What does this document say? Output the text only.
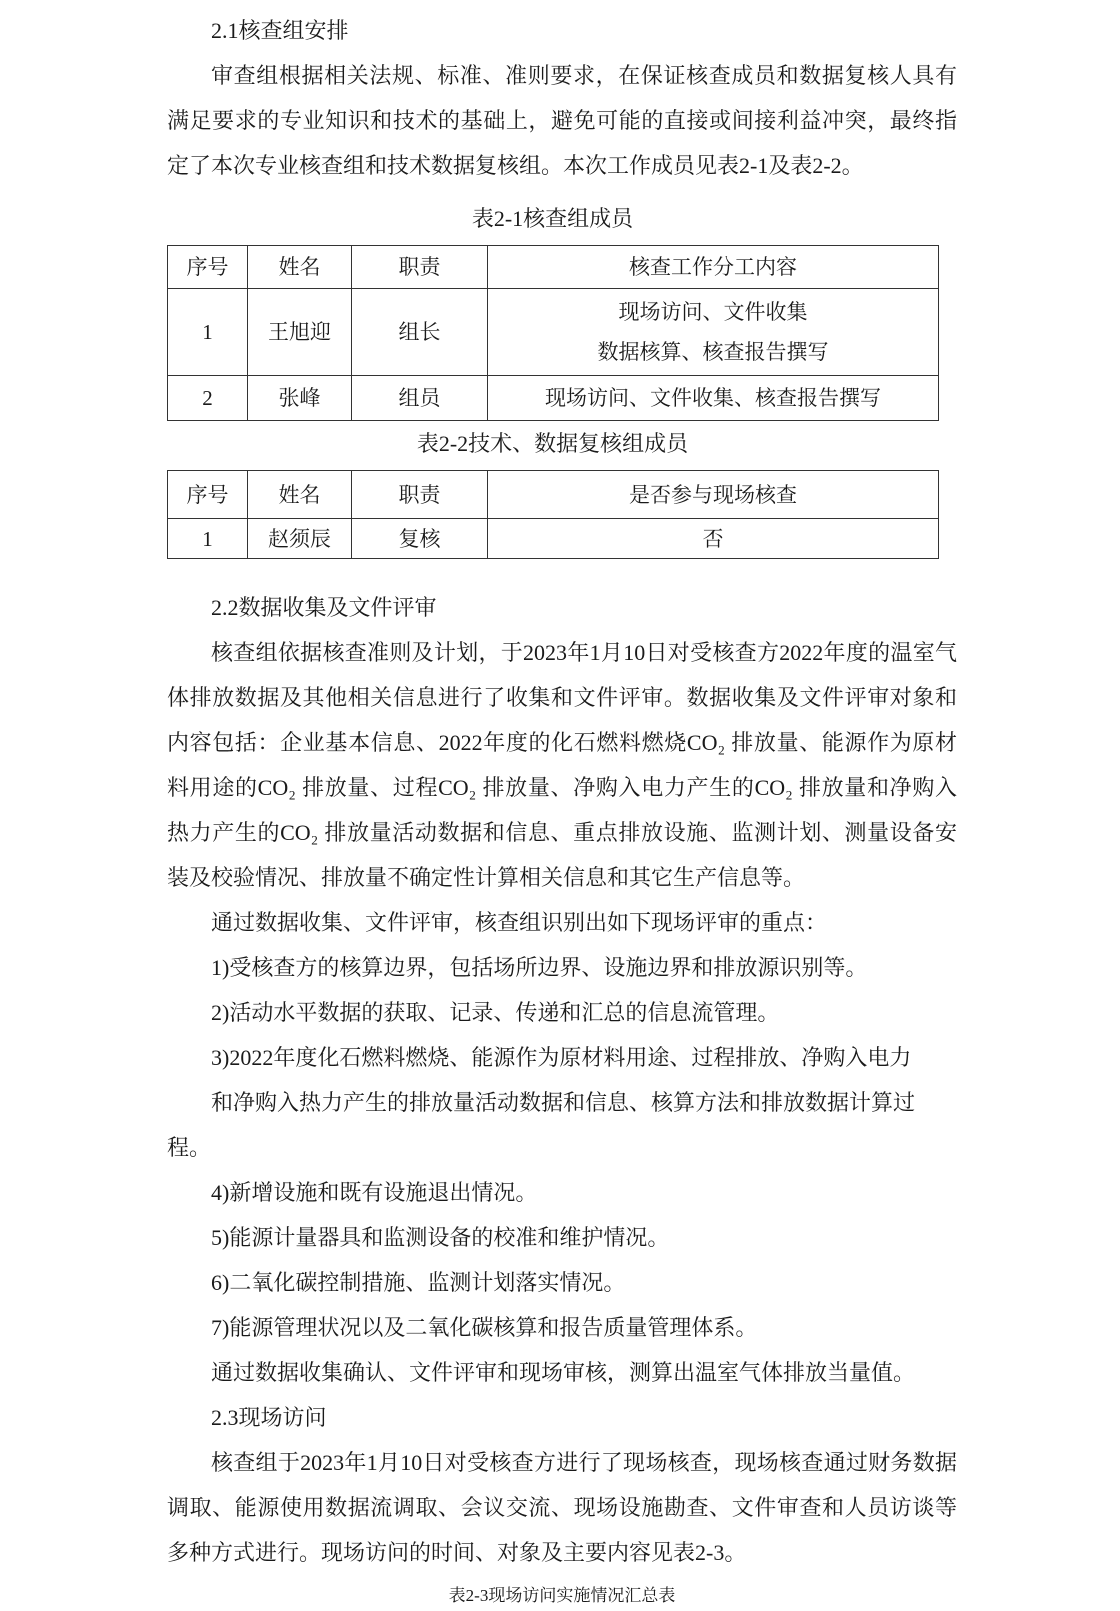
2.1核查组安排

审查组根据相关法规、标准、准则要求，在保证核查成员和数据复核人具有满足要求的专业知识和技术的基础上，避免可能的直接或间接利益冲突，最终指定了本次专业核查组和技术数据复核组。本次工作成员见表2-1及表2-2。

表2-1核查组成员
序号	姓名	职责	核查工作分工内容
1	王旭迎	组长	现场访问、文件收集
数据核算、核查报告撰写

2	张峰	组员	现场访问、文件收集、核查报告撰写
表2-2技术、数据复核组成员
序号	姓名	职责	是否参与现场核查
1	赵须辰	复核	否

2.2数据收集及文件评审

核查组依据核查准则及计划，于2023年1月10日对受核查方2022年度的温室气体排放数据及其他相关信息进行了收集和文件评审。数据收集及文件评审对象和内容包括：企业基本信息、2022年度的化石燃料燃烧CO₂ 排放量、能源作为原材料用途的CO₂ 排放量、过程CO₂ 排放量、净购入电力产生的CO₂ 排放量和净购入热力产生的CO₂ 排放量活动数据和信息、重点排放设施、监测计划、测量设备安装及校验情况、排放量不确定性计算相关信息和其它生产信息等。

通过数据收集、文件评审，核查组识别出如下现场评审的重点：

1)受核查方的核算边界，包括场所边界、设施边界和排放源识别等。

2)活动水平数据的获取、记录、传递和汇总的信息流管理。

3)2022年度化石燃料燃烧、能源作为原材料用途、过程排放、净购入电力

和净购入热力产生的排放量活动数据和信息、核算方法和排放数据计算过程。

4)新增设施和既有设施退出情况。

5)能源计量器具和监测设备的校准和维护情况。

6)二氧化碳控制措施、监测计划落实情况。

7)能源管理状况以及二氧化碳核算和报告质量管理体系。

通过数据收集确认、文件评审和现场审核，测算出温室气体排放当量值。

2.3现场访问

核查组于2023年1月10日对受核查方进行了现场核查，现场核查通过财务数据调取、能源使用数据流调取、会议交流、现场设施勘查、文件审查和人员访谈等多种方式进行。现场访问的时间、对象及主要内容见表2-3。

表2-3现场访问实施情况汇总表
